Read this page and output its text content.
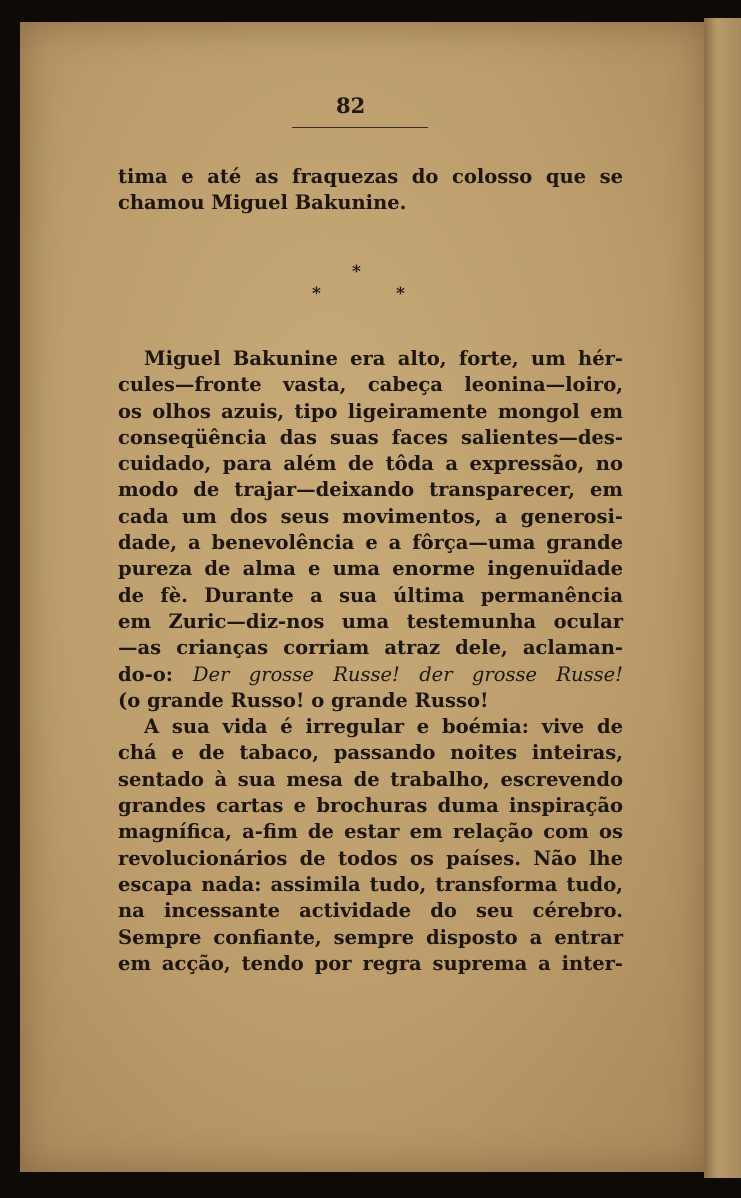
82
tima e até as fraquezas do colosso que se
chamou Miguel Bakunine.
*
*	*
Miguel Bakunine era alto, forte, um hér-
cules—fronte vasta, cabeça leonina—loiro,
os olhos azuis, tipo ligeiramente mongol em
conseqüência das suas faces salientes—des-
cuidado, para além de tôda a expressão, no
modo de trajar—deixando transparecer, em
cada um dos seus movimentos, a generosi-
dade, a benevolência e a fôrça—uma grande
pureza de alma e uma enorme ingenuïdade
de fè. Durante a sua última permanência
em Zuric—diz-nos uma testemunha ocular
—as crianças corriam atraz dele, aclaman-
do-o: Der grosse Russe! der grosse Russe!
(o grande Russo! o grande Russo!
A sua vida é irregular e boémia: vive de
chá e de tabaco, passando noites inteiras,
sentado à sua mesa de trabalho, escrevendo
grandes cartas e brochuras duma inspiração
magnífica, a-fim de estar em relação com os
revolucionários de todos os países. Não lhe
escapa nada: assimila tudo, transforma tudo,
na incessante actividade do seu cérebro.
Sempre confiante, sempre disposto a entrar
em acção, tendo por regra suprema a inter-
